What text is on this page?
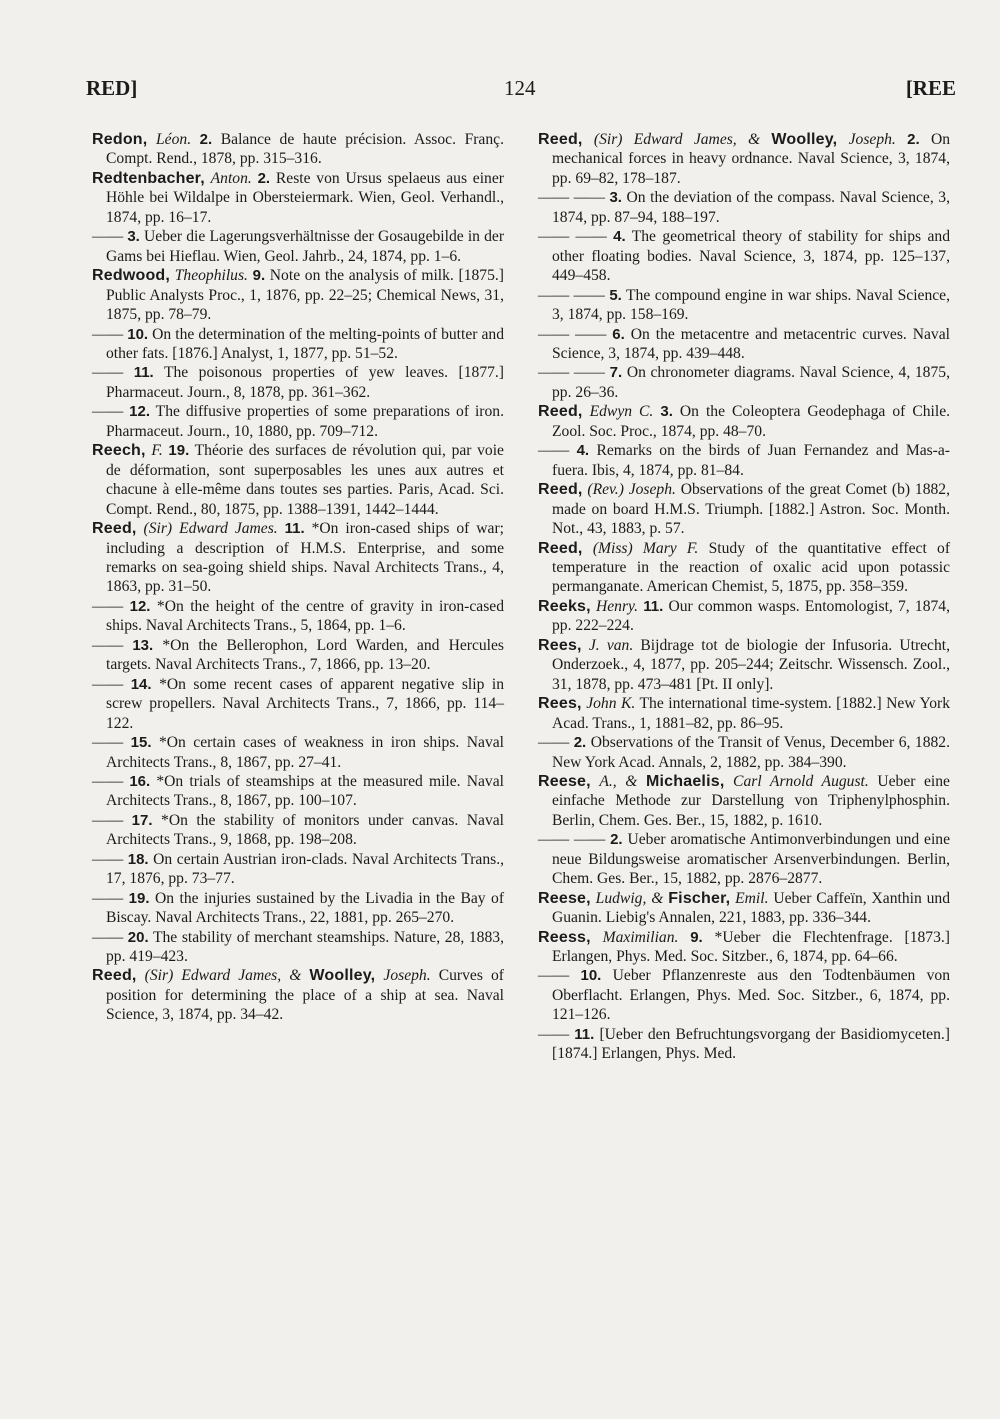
RED]	124	[REE

Redon, Léon. 2. Balance de haute précision. Assoc. Franç. Compt. Rend., 1878, pp. 315–316.

Redtenbacher, Anton. 2. Reste von Ursus spelaeus aus einer Höhle bei Wildalpe in Obersteiermark. Wien, Geol. Verhandl., 1874, pp. 16–17.

—— 3. Ueber die Lagerungsverhältnisse der Gosaugebilde in der Gams bei Hieflau. Wien, Geol. Jahrb., 24, 1874, pp. 1–6.

Redwood, Theophilus. 9. Note on the analysis of milk. [1875.] Public Analysts Proc., 1, 1876, pp. 22–25; Chemical News, 31, 1875, pp. 78–79.

—— 10. On the determination of the melting-points of butter and other fats. [1876.] Analyst, 1, 1877, pp. 51–52.

—— 11. The poisonous properties of yew leaves. [1877.] Pharmaceut. Journ., 8, 1878, pp. 361–362.

—— 12. The diffusive properties of some preparations of iron. Pharmaceut. Journ., 10, 1880, pp. 709–712.

Reech, F. 19. Théorie des surfaces de révolution qui, par voie de déformation, sont superposables les unes aux autres et chacune à elle-même dans toutes ses parties. Paris, Acad. Sci. Compt. Rend., 80, 1875, pp. 1388–1391, 1442–1444.

Reed, (Sir) Edward James. 11. *On iron-cased ships of war; including a description of H.M.S. Enterprise, and some remarks on sea-going shield ships. Naval Architects Trans., 4, 1863, pp. 31–50.

—— 12. *On the height of the centre of gravity in iron-cased ships. Naval Architects Trans., 5, 1864, pp. 1–6.

—— 13. *On the Bellerophon, Lord Warden, and Hercules targets. Naval Architects Trans., 7, 1866, pp. 13–20.

—— 14. *On some recent cases of apparent negative slip in screw propellers. Naval Architects Trans., 7, 1866, pp. 114–122.

—— 15. *On certain cases of weakness in iron ships. Naval Architects Trans., 8, 1867, pp. 27–41.

—— 16. *On trials of steamships at the measured mile. Naval Architects Trans., 8, 1867, pp. 100–107.

—— 17. *On the stability of monitors under canvas. Naval Architects Trans., 9, 1868, pp. 198–208.

—— 18. On certain Austrian iron-clads. Naval Architects Trans., 17, 1876, pp. 73–77.

—— 19. On the injuries sustained by the Livadia in the Bay of Biscay. Naval Architects Trans., 22, 1881, pp. 265–270.

—— 20. The stability of merchant steamships. Nature, 28, 1883, pp. 419–423.

Reed, (Sir) Edward James, & Woolley, Joseph. Curves of position for determining the place of a ship at sea. Naval Science, 3, 1874, pp. 34–42.

Reed, (Sir) Edward James, & Woolley, Joseph. 2. On mechanical forces in heavy ordnance. Naval Science, 3, 1874, pp. 69–82, 178–187.

—— —— 3. On the deviation of the compass. Naval Science, 3, 1874, pp. 87–94, 188–197.

—— —— 4. The geometrical theory of stability for ships and other floating bodies. Naval Science, 3, 1874, pp. 125–137, 449–458.

—— —— 5. The compound engine in war ships. Naval Science, 3, 1874, pp. 158–169.

—— —— 6. On the metacentre and metacentric curves. Naval Science, 3, 1874, pp. 439–448.

—— —— 7. On chronometer diagrams. Naval Science, 4, 1875, pp. 26–36.

Reed, Edwyn C. 3. On the Coleoptera Geodephaga of Chile. Zool. Soc. Proc., 1874, pp. 48–70.

—— 4. Remarks on the birds of Juan Fernandez and Mas-a-fuera. Ibis, 4, 1874, pp. 81–84.

Reed, (Rev.) Joseph. Observations of the great Comet (b) 1882, made on board H.M.S. Triumph. [1882.] Astron. Soc. Month. Not., 43, 1883, p. 57.

Reed, (Miss) Mary F. Study of the quantitative effect of temperature in the reaction of oxalic acid upon potassic permanganate. American Chemist, 5, 1875, pp. 358–359.

Reeks, Henry. 11. Our common wasps. Entomologist, 7, 1874, pp. 222–224.

Rees, J. van. Bijdrage tot de biologie der Infusoria. Utrecht, Onderzoek., 4, 1877, pp. 205–244; Zeitschr. Wissensch. Zool., 31, 1878, pp. 473–481 [Pt. II only].

Rees, John K. The international time-system. [1882.] New York Acad. Trans., 1, 1881–82, pp. 86–95.

—— 2. Observations of the Transit of Venus, December 6, 1882. New York Acad. Annals, 2, 1882, pp. 384–390.

Reese, A., & Michaelis, Carl Arnold August. Ueber eine einfache Methode zur Darstellung von Triphenylphosphin. Berlin, Chem. Ges. Ber., 15, 1882, p. 1610.

—— —— 2. Ueber aromatische Antimonverbindungen und eine neue Bildungsweise aromatischer Arsenverbindungen. Berlin, Chem. Ges. Ber., 15, 1882, pp. 2876–2877.

Reese, Ludwig, & Fischer, Emil. Ueber Caffeïn, Xanthin und Guanin. Liebig's Annalen, 221, 1883, pp. 336–344.

Reess, Maximilian. 9. *Ueber die Flechtenfrage. [1873.] Erlangen, Phys. Med. Soc. Sitzber., 6, 1874, pp. 64–66.

—— 10. Ueber Pflanzenreste aus den Todtenbäumen von Oberflacht. Erlangen, Phys. Med. Soc. Sitzber., 6, 1874, pp. 121–126.

—— 11. [Ueber den Befruchtungsvorgang der Basidiomyceten.] [1874.] Erlangen, Phys. Med.
